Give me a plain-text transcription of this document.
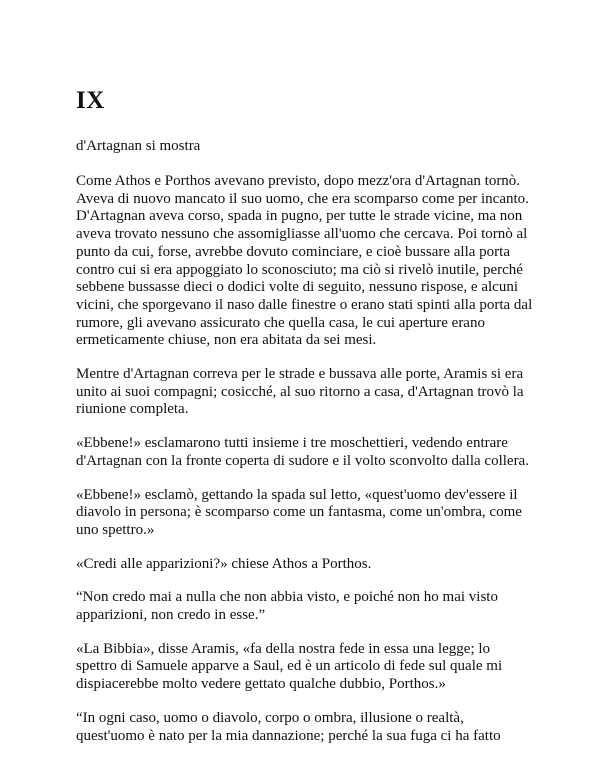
IX
d'Artagnan si mostra

Come Athos e Porthos avevano previsto, dopo mezz'ora d'Artagnan tornò.
Aveva di nuovo mancato il suo uomo, che era scomparso come per incanto.
D'Artagnan aveva corso, spada in pugno, per tutte le strade vicine, ma non
aveva trovato nessuno che assomigliasse all'uomo che cercava. Poi tornò al
punto da cui, forse, avrebbe dovuto cominciare, e cioè bussare alla porta
contro cui si era appoggiato lo sconosciuto; ma ciò si rivelò inutile, perché
sebbene bussasse dieci o dodici volte di seguito, nessuno rispose, e alcuni
vicini, che sporgevano il naso dalle finestre o erano stati spinti alla porta dal
rumore, gli avevano assicurato che quella casa, le cui aperture erano
ermeticamente chiuse, non era abitata da sei mesi.

Mentre d'Artagnan correva per le strade e bussava alle porte, Aramis si era
unito ai suoi compagni; cosicché, al suo ritorno a casa, d'Artagnan trovò la
riunione completa.

«Ebbene!» esclamarono tutti insieme i tre moschettieri, vedendo entrare
d'Artagnan con la fronte coperta di sudore e il volto sconvolto dalla collera.

«Ebbene!» esclamò, gettando la spada sul letto, «quest'uomo dev'essere il
diavolo in persona; è scomparso come un fantasma, come un'ombra, come
uno spettro.»

«Credi alle apparizioni?» chiese Athos a Porthos.

“Non credo mai a nulla che non abbia visto, e poiché non ho mai visto
apparizioni, non credo in esse.”

«La Bibbia», disse Aramis, «fa della nostra fede in essa una legge; lo
spettro di Samuele apparve a Saul, ed è un articolo di fede sul quale mi
dispiacerebbe molto vedere gettato qualche dubbio, Porthos.»

“In ogni caso, uomo o diavolo, corpo o ombra, illusione o realtà,
quest'uomo è nato per la mia dannazione; perché la sua fuga ci ha fatto
